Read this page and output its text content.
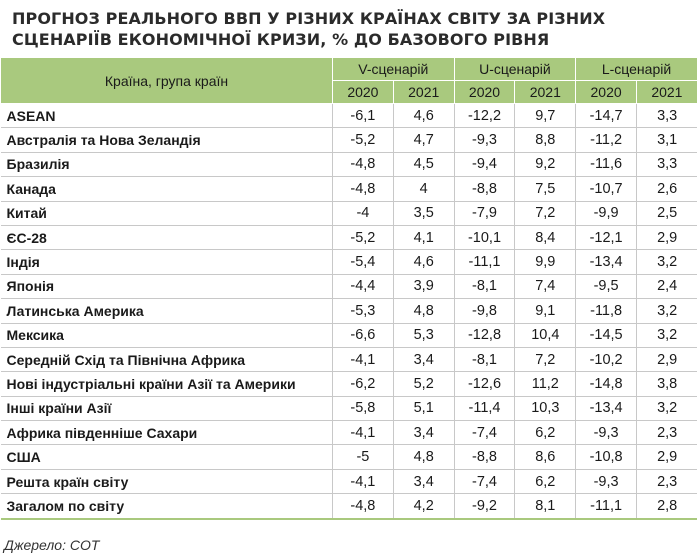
ПРОГНОЗ РЕАЛЬНОГО ВВП У РІЗНИХ КРАЇНАХ СВІТУ ЗА РІЗНИХ СЦЕНАРІЇВ ЕКОНОМІЧНОЇ КРИЗИ, % ДО БАЗОВОГО РІВНЯ
Країна, група країн	V-сценарій		U-сценарій		L-сценарій	
	2020	2021	2020	2021	2020	2021
ASEAN	-6,1	4,6	-12,2	9,7	-14,7	3,3
Австралія та Нова Зеландія	-5,2	4,7	-9,3	8,8	-11,2	3,1
Бразилія	-4,8	4,5	-9,4	9,2	-11,6	3,3
Канада	-4,8	4	-8,8	7,5	-10,7	2,6
Китай	-4	3,5	-7,9	7,2	-9,9	2,5
ЄС-28	-5,2	4,1	-10,1	8,4	-12,1	2,9
Індія	-5,4	4,6	-11,1	9,9	-13,4	3,2
Японія	-4,4	3,9	-8,1	7,4	-9,5	2,4
Латинська Америка	-5,3	4,8	-9,8	9,1	-11,8	3,2
Мексика	-6,6	5,3	-12,8	10,4	-14,5	3,2
Середній Схід та Північна Африка	-4,1	3,4	-8,1	7,2	-10,2	2,9
Нові індустріальні країни Азії та Америки	-6,2	5,2	-12,6	11,2	-14,8	3,8
Інші країни Азії	-5,8	5,1	-11,4	10,3	-13,4	3,2
Африка південніше Сахари	-4,1	3,4	-7,4	6,2	-9,3	2,3
США	-5	4,8	-8,8	8,6	-10,8	2,9
Решта країн світу	-4,1	3,4	-7,4	6,2	-9,3	2,3
Загалом по світу	-4,8	4,2	-9,2	8,1	-11,1	2,8
Джерело: COT
